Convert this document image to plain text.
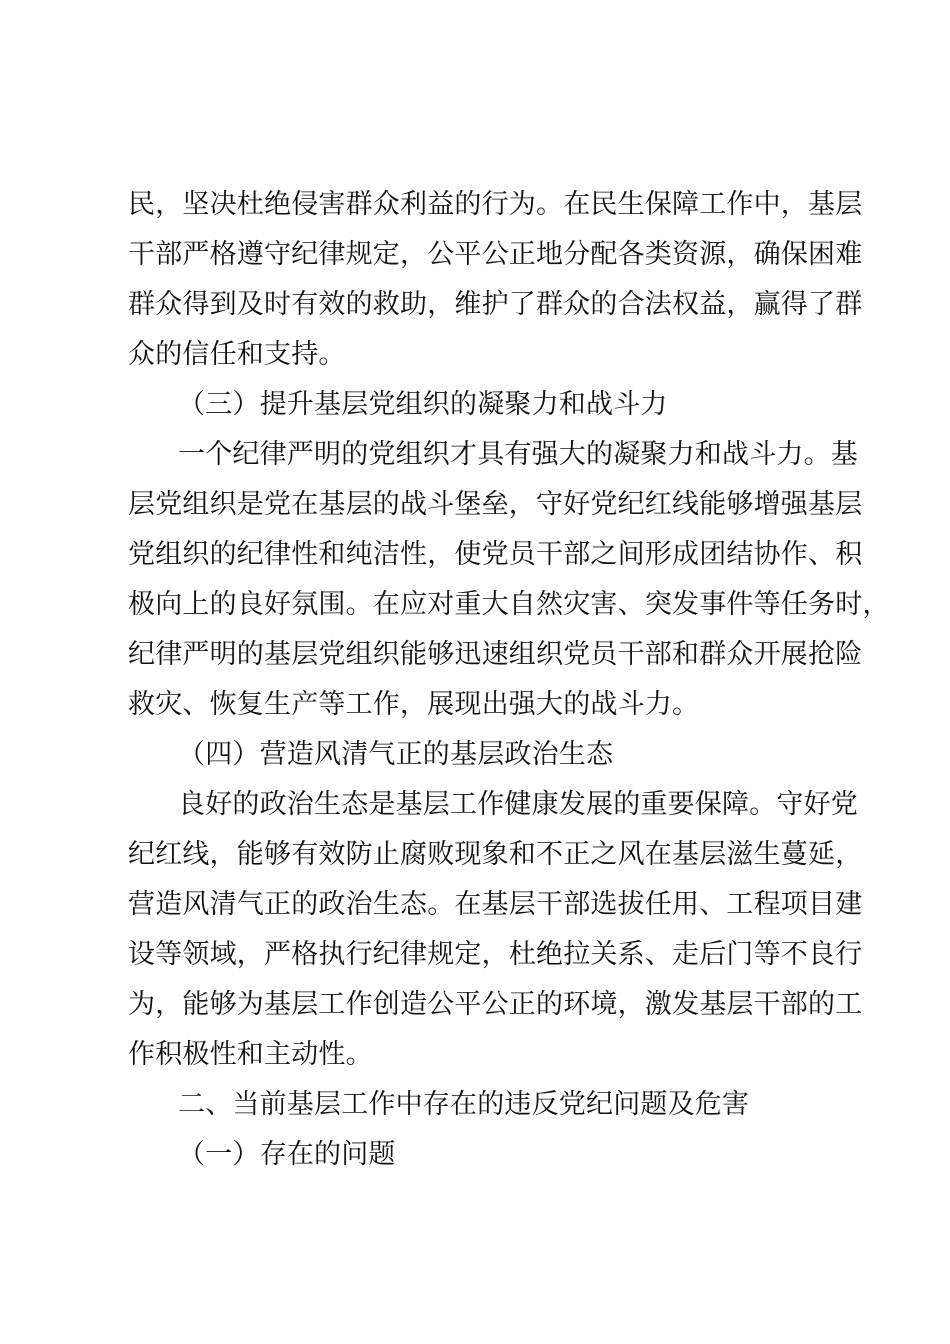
民，坚决杜绝侵害群众利益的行为。在民生保障工作中，基层

干部严格遵守纪律规定，公平公正地分配各类资源，确保困难

群众得到及时有效的救助，维护了群众的合法权益，赢得了群

众的信任和支持。

（三）提升基层党组织的凝聚力和战斗力

一个纪律严明的党组织才具有强大的凝聚力和战斗力。基

层党组织是党在基层的战斗堡垒，守好党纪红线能够增强基层

党组织的纪律性和纯洁性，使党员干部之间形成团结协作、积

极向上的良好氛围。在应对重大自然灾害、突发事件等任务时，

纪律严明的基层党组织能够迅速组织党员干部和群众开展抢险

救灾、恢复生产等工作，展现出强大的战斗力。

（四）营造风清气正的基层政治生态

良好的政治生态是基层工作健康发展的重要保障。守好党

纪红线，能够有效防止腐败现象和不正之风在基层滋生蔓延，

营造风清气正的政治生态。在基层干部选拔任用、工程项目建

设等领域，严格执行纪律规定，杜绝拉关系、走后门等不良行

为，能够为基层工作创造公平公正的环境，激发基层干部的工

作积极性和主动性。

二、当前基层工作中存在的违反党纪问题及危害

（一）存在的问题
